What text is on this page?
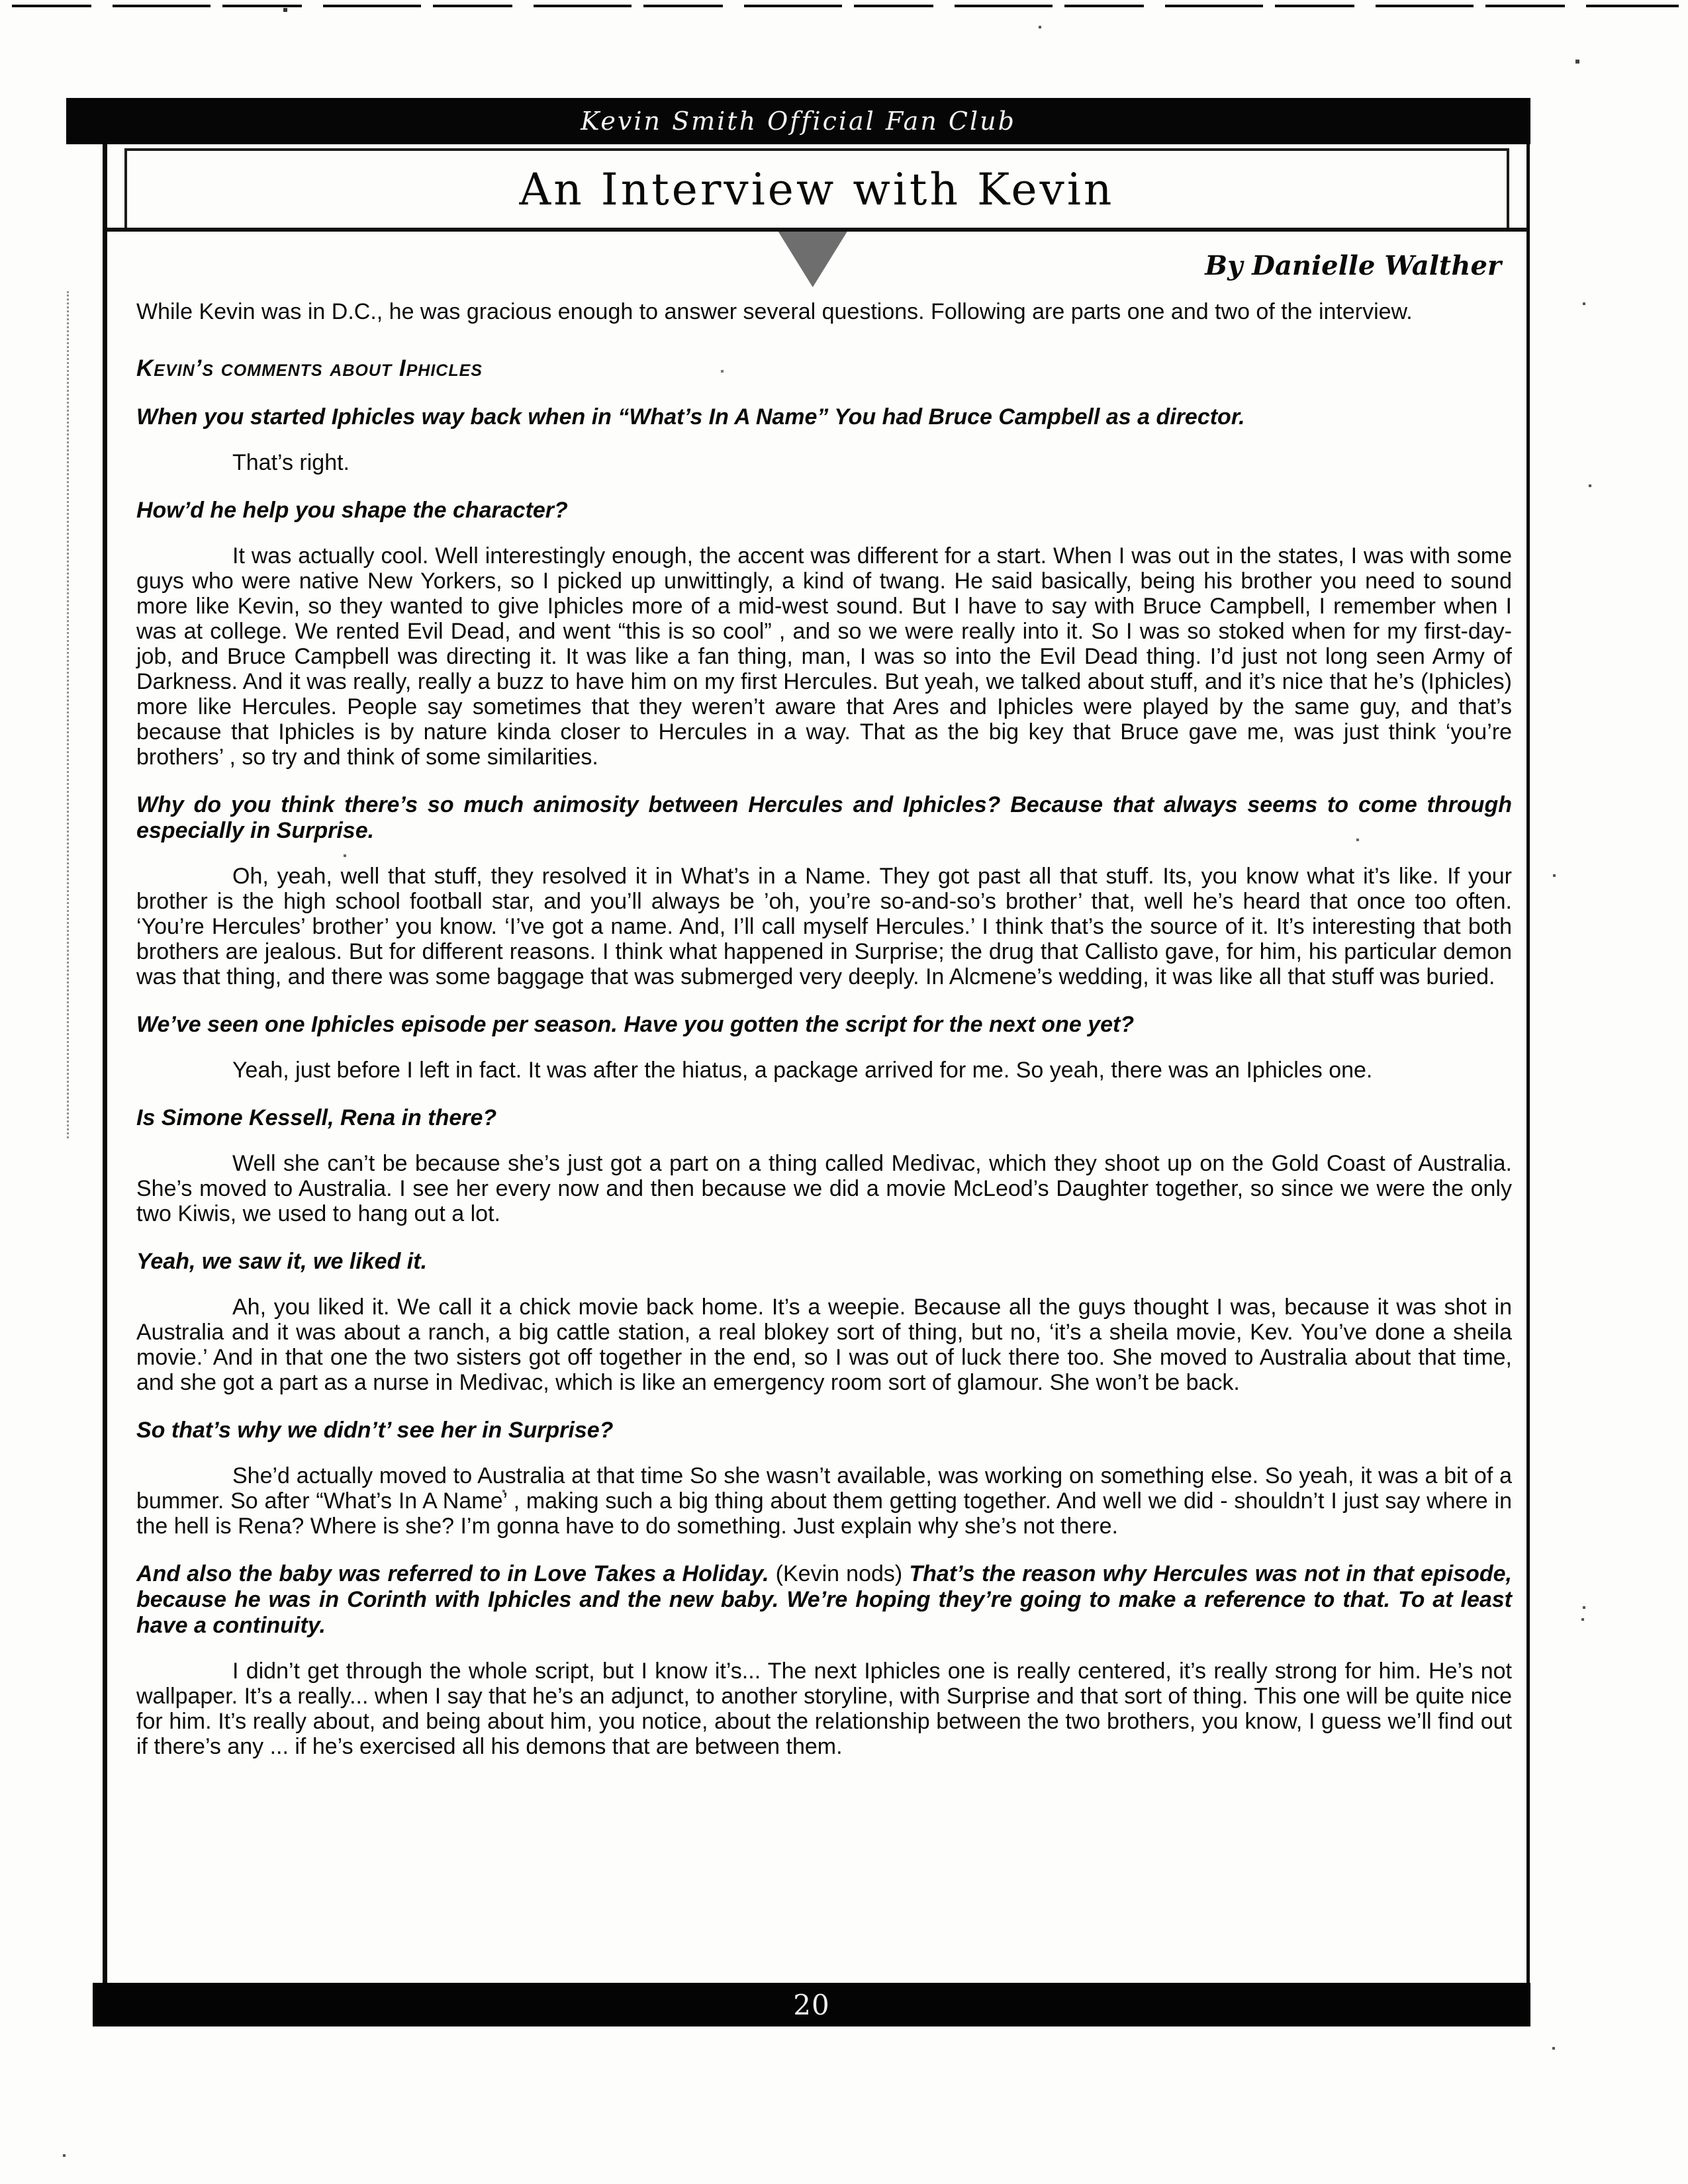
Kevin Smith Official Fan Club
An Interview with Kevin
By Danielle Walther

While Kevin was in D.C., he was gracious enough to answer several questions. Following are parts one and two of the interview.

Kevin’s comments about Iphicles

When you started Iphicles way back when in “What’s In A Name” You had Bruce Campbell as a director.

That’s right.

How’d he help you shape the character?

It was actually cool. Well interestingly enough, the accent was different for a start. When I was out in the states, I was with some guys who were native New Yorkers, so I picked up unwittingly, a kind of twang. He said basically, being his brother you need to sound more like Kevin, so they wanted to give Iphicles more of a mid-west sound. But I have to say with Bruce Campbell, I remember when I was at college. We rented Evil Dead, and went “this is so cool” , and so we were really into it. So I was so stoked when for my first-day-job, and Bruce Campbell was directing it. It was like a fan thing, man, I was so into the Evil Dead thing. I’d just not long seen Army of Darkness. And it was really, really a buzz to have him on my first Hercules. But yeah, we talked about stuff, and it’s nice that he’s (Iphicles) more like Hercules. People say sometimes that they weren’t aware that Ares and Iphicles were played by the same guy, and that’s because that Iphicles is by nature kinda closer to Hercules in a way. That as the big key that Bruce gave me, was just think ‘you’re brothers’ , so try and think of some similarities.

Why do you think there’s so much animosity between Hercules and Iphicles? Because that always seems to come through especially in Surprise.

Oh, yeah, well that stuff, they resolved it in What’s in a Name. They got past all that stuff. Its, you know what it’s like. If your brother is the high school football star, and you’ll always be ’oh, you’re so-and-so’s brother’ that, well he’s heard that once too often. ‘You’re Hercules’ brother’ you know. ‘I’ve got a name. And, I’ll call myself Hercules.’ I think that’s the source of it. It’s interesting that both brothers are jealous. But for different reasons. I think what happened in Surprise; the drug that Callisto gave, for him, his particular demon was that thing, and there was some baggage that was submerged very deeply. In Alcmene’s wedding, it was like all that stuff was buried.

We’ve seen one Iphicles episode per season. Have you gotten the script for the next one yet?

Yeah, just before I left in fact. It was after the hiatus, a package arrived for me. So yeah, there was an Iphicles one.

Is Simone Kessell, Rena in there?

Well she can’t be because she’s just got a part on a thing called Medivac, which they shoot up on the Gold Coast of Australia. She’s moved to Australia. I see her every now and then because we did a movie McLeod’s Daughter together, so since we were the only two Kiwis, we used to hang out a lot.

Yeah, we saw it, we liked it.

Ah, you liked it. We call it a chick movie back home. It’s a weepie. Because all the guys thought I was, because it was shot in Australia and it was about a ranch, a big cattle station, a real blokey sort of thing, but no, ‘it’s a sheila movie, Kev. You’ve done a sheila movie.’ And in that one the two sisters got off together in the end, so I was out of luck there too. She moved to Australia about that time, and she got a part as a nurse in Medivac, which is like an emergency room sort of glamour. She won’t be back.

So that’s why we didn’t’ see her in Surprise?

She’d actually moved to Australia at that time So she wasn’t available, was working on something else. So yeah, it was a bit of a bummer. So after “What’s In A Name’ , making such a big thing about them getting together. And well we did - shouldn’t I just say where in the hell is Rena? Where is she? I’m gonna have to do something. Just explain why she’s not there.

And also the baby was referred to in Love Takes a Holiday. (Kevin nods) That’s the reason why Hercules was not in that episode, because he was in Corinth with Iphicles and the new baby. We’re hoping they’re going to make a reference to that. To at least have a continuity.

I didn’t get through the whole script, but I know it’s... The next Iphicles one is really centered, it’s really strong for him. He’s not wallpaper. It’s a really... when I say that he’s an adjunct, to another storyline, with Surprise and that sort of thing. This one will be quite nice for him. It’s really about, and being about him, you notice, about the relationship between the two brothers, you know, I guess we’ll find out if there’s any ... if he’s exercised all his demons that are between them.

20
